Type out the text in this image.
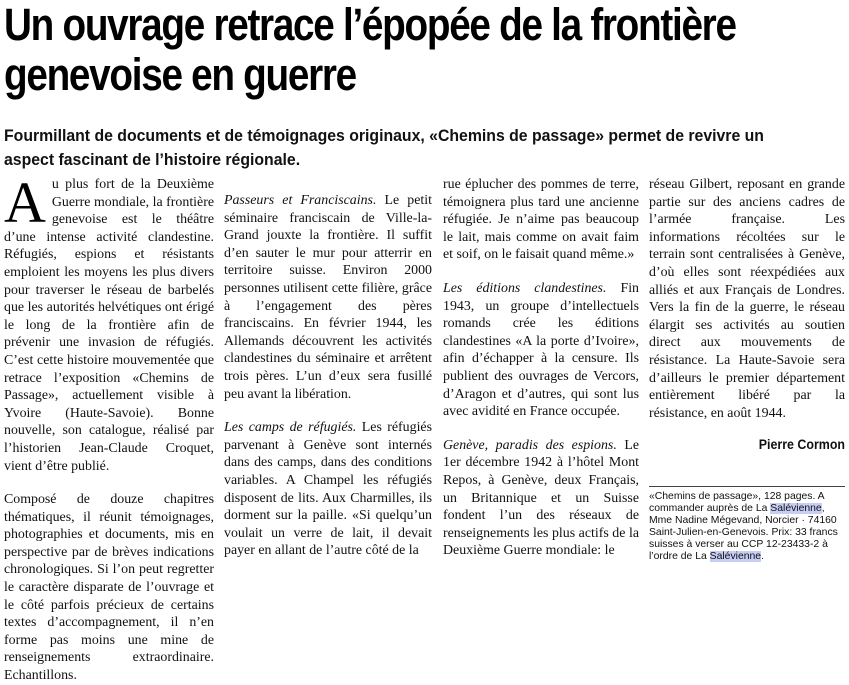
Un ouvrage retrace l’épopée de la frontière
genevoise en guerre

Fourmillant de documents et de témoignages originaux, «Chemins de passage» permet de revivre un aspect fascinant de l’histoire régionale.

Au plus fort de la Deuxième Guerre mondiale, la frontière genevoise est le théâtre d’une intense activité clandestine. Réfugiés, espions et résistants emploient les moyens les plus divers pour traverser le réseau de barbelés que les autorités helvétiques ont érigé le long de la frontière afin de prévenir une invasion de réfugiés. C’est cette histoire mouvementée que retrace l’exposition «Chemins de Passage», actuellement visible à Yvoire (Haute-Savoie). Bonne nouvelle, son catalogue, réalisé par l’historien Jean-Claude Croquet, vient d’être publié.

Composé de douze chapitres thématiques, il réunit témoignages, photographies et documents, mis en perspective par de brèves indications chronologiques. Si l’on peut regretter le caractère disparate de l’ouvrage et le côté parfois précieux de certains textes d’accompagnement, il n’en forme pas moins une mine de renseignements extraordinaire. Echantillons.

Passeurs et Franciscains. Le petit séminaire franciscain de Ville-la-Grand jouxte la frontière. Il suffit d’en sauter le mur pour atterrir en territoire suisse. Environ 2000 personnes utilisent cette filière, grâce à l’engagement des pères franciscains. En février 1944, les Allemands découvrent les activités clandestines du séminaire et arrêtent trois pères. L’un d’eux sera fusillé peu avant la libération.

Les camps de réfugiés. Les réfugiés parvenant à Genève sont internés dans des camps, dans des conditions variables. A Champel les réfugiés disposent de lits. Aux Charmilles, ils dorment sur la paille. «Si quelqu’un voulait un verre de lait, il devait payer en allant de l’autre côté de la

rue éplucher des pommes de terre, témoignera plus tard une ancienne réfugiée. Je n’aime pas beaucoup le lait, mais comme on avait faim et soif, on le faisait quand même.»

Les éditions clandestines. Fin 1943, un groupe d’intellectuels romands crée les éditions clandestines «A la porte d’Ivoire», afin d’échapper à la censure. Ils publient des ouvrages de Vercors, d’Aragon et d’autres, qui sont lus avec avidité en France occupée.

Genève, paradis des espions. Le 1er décembre 1942 à l’hôtel Mont Repos, à Genève, deux Français, un Britannique et un Suisse fondent l’un des réseaux de renseignements les plus actifs de la Deuxième Guerre mondiale: le

réseau Gilbert, reposant en grande partie sur des anciens cadres de l’armée française. Les informations récoltées sur le terrain sont centralisées à Genève, d’où elles sont réexpédiées aux alliés et aux Français de Londres. Vers la fin de la guerre, le réseau élargit ses activités au soutien direct aux mouvements de résistance. La Haute-Savoie sera d’ailleurs le premier département entièrement libéré par la résistance, en août 1944.

Pierre Cormon

«Chemins de passage», 128 pages. A commander auprès de La Salévienne, Mme Nadine Mégevand, Norcier · 74160 Saint-Julien-en-Genevois. Prix: 33 francs suisses à verser au CCP 12-23433-2 à l’ordre de La Salévienne.
